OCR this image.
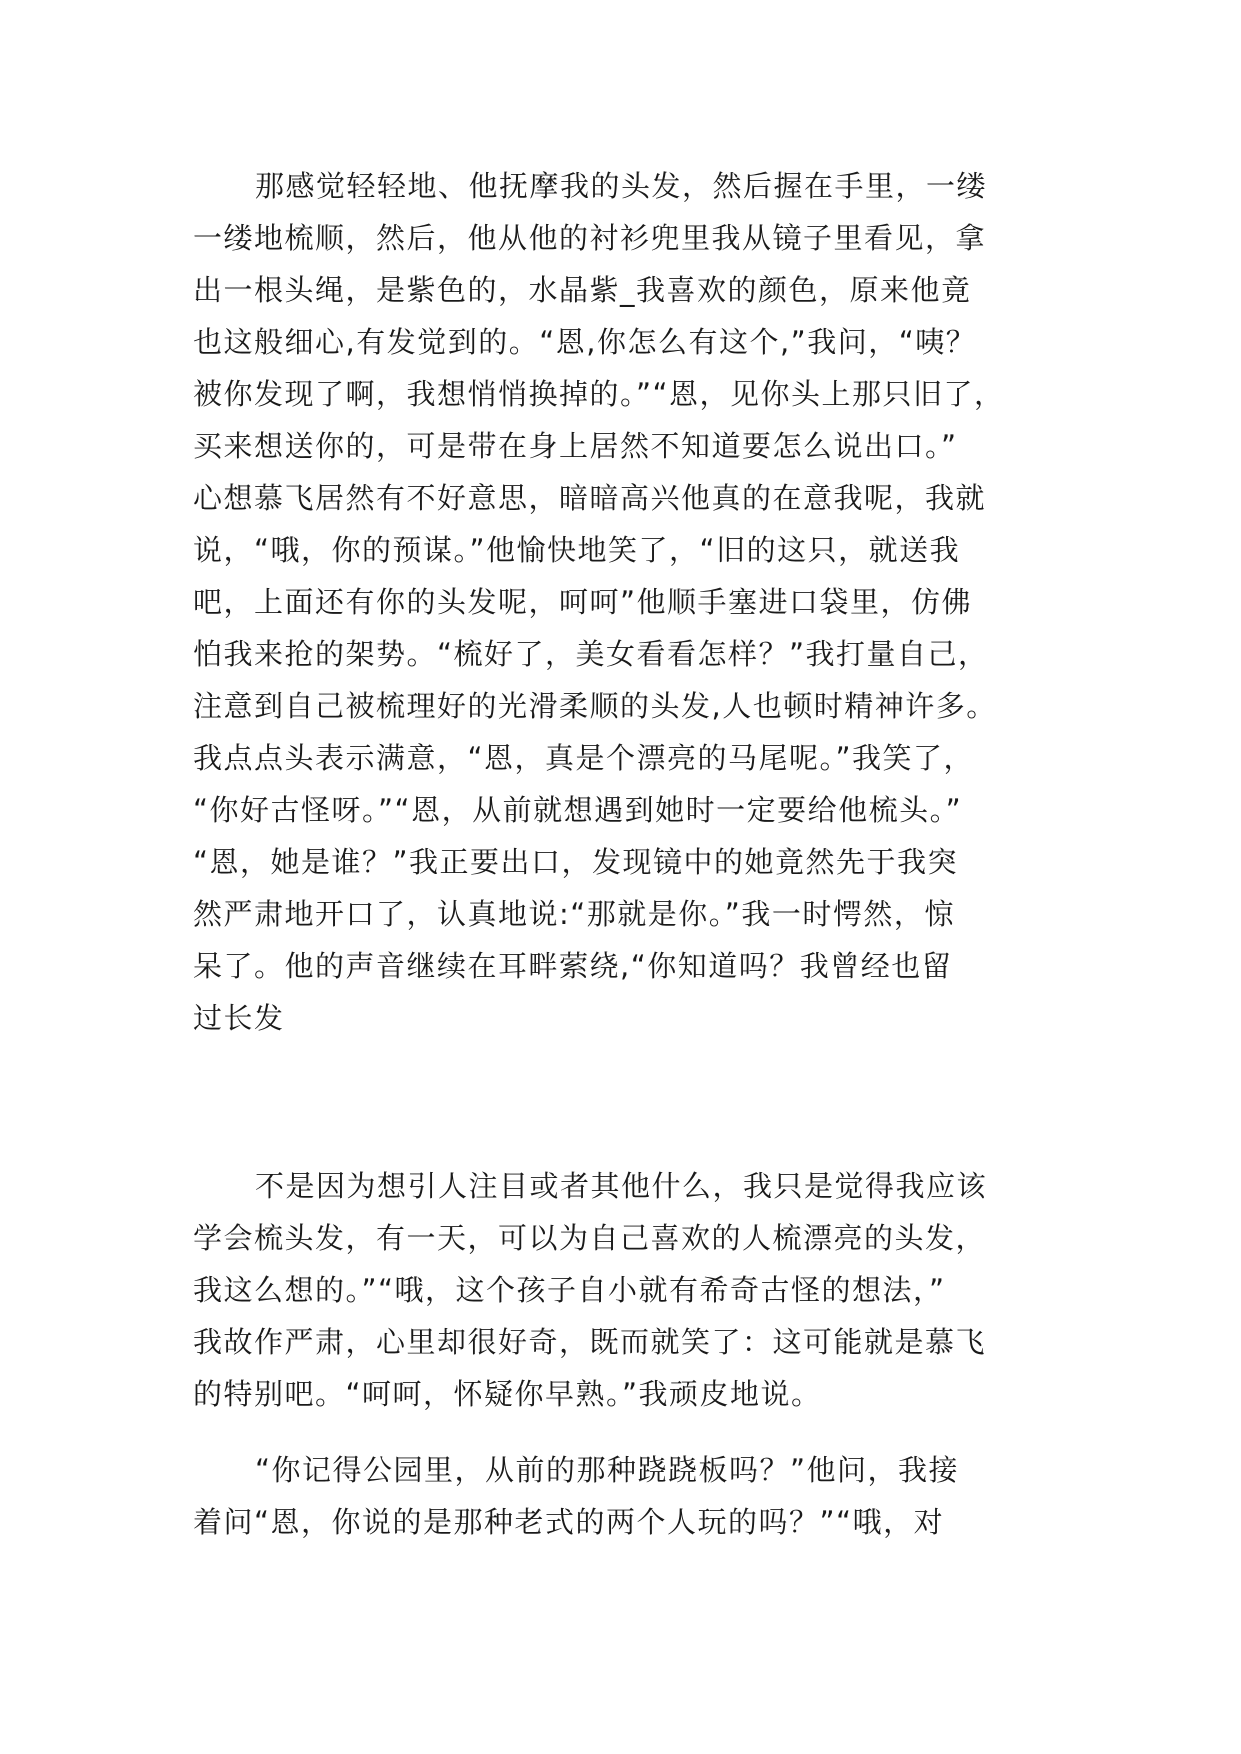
那感觉轻轻地、他抚摩我的头发，然后握在手里，一缕
一缕地梳顺，然后，他从他的衬衫兜里我从镜子里看见，拿
出一根头绳，是紫色的，水晶紫_我喜欢的颜色，原来他竟
也这般细心,有发觉到的。“恩,你怎么有这个,”我问，“咦？
被你发现了啊，我想悄悄换掉的。”“恩，见你头上那只旧了，
买来想送你的，可是带在身上居然不知道要怎么说出口。”
心想慕飞居然有不好意思，暗暗高兴他真的在意我呢，我就
说，“哦，你的预谋。”他愉快地笑了，“旧的这只，就送我
吧，上面还有你的头发呢，呵呵”他顺手塞进口袋里，仿佛
怕我来抢的架势。“梳好了，美女看看怎样？”我打量自己，
注意到自己被梳理好的光滑柔顺的头发,人也顿时精神许多。
我点点头表示满意，“恩，真是个漂亮的马尾呢。”我笑了，
“你好古怪呀。”“恩，从前就想遇到她时一定要给他梳头。”
“恩，她是谁？”我正要出口，发现镜中的她竟然先于我突
然严肃地开口了，认真地说:“那就是你。”我一时愕然，惊
呆了。他的声音继续在耳畔萦绕,“你知道吗？我曾经也留
过长发
不是因为想引人注目或者其他什么，我只是觉得我应该
学会梳头发，有一天，可以为自己喜欢的人梳漂亮的头发，
我这么想的。”“哦，这个孩子自小就有希奇古怪的想法，”
我故作严肃，心里却很好奇，既而就笑了：这可能就是慕飞
的特别吧。“呵呵，怀疑你早熟。”我顽皮地说。
“你记得公园里，从前的那种跷跷板吗？”他问，我接
着问“恩，你说的是那种老式的两个人玩的吗？”“哦，对
